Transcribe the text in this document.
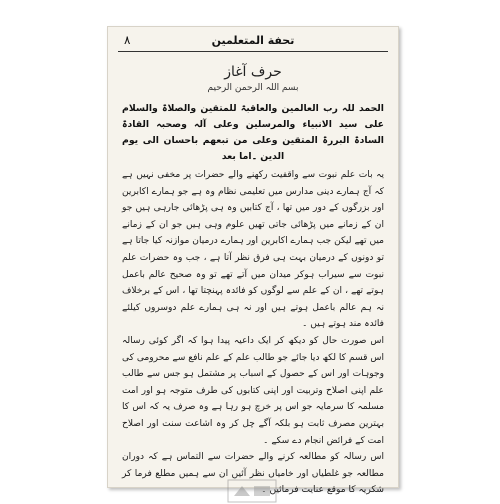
۸	تحفة المتعلمين
حرف آغاز
بسم اللہ الرحمن الرحیم
الحمد للہ رب العالمین والعاقبۃ للمتقین والصلاۃ والسلام علی سید الانبیاء والمرسلین وعلی آلہ وصحبہ القادۃ السادۃ البررۃ المتقین وعلی من تبعھم باحسان الی یوم الدین ۔اما بعد

یہ بات علم نبوت سے واقفیت رکھنے والے حضرات پر مخفی نہیں ہے کہ آج ہمارے دینی مدارس میں تعلیمی نظام وہ ہے جو ہمارے اکابرین اور بزرگوں کے دور میں تھا ، آج کتابیں وہ ہی پڑھائی جارہی ہیں جو ان کے زمانے میں پڑھائی جاتی تھیں علوم وہی ہیں جو ان کے زمانے میں تھے لیکن جب ہمارے اکابرین اور ہمارے درمیان موازنہ کیا جاتا ہے تو دونوں کے درمیان بہت ہی فرق نظر آتا ہے ، جب وہ حضرات علم نبوت سے سیراب ہوکر میدان میں آتے تھے تو وہ صحیح عالم باعمل ہوتے تھے ، ان کے علم سے لوگوں کو فائدہ پہنچتا تھا ، اس کے برخلاف نہ ہم عالم باعمل ہوتے ہیں اور نہ ہی ہمارے علم دوسروں کیلئے فائدہ مند ہوتے ہیں ۔

اس صورت حال کو دیکھ کر ایک داعیہ پیدا ہوا کہ اگر کوئی رسالہ اس قسم کا لکھ دیا جائے جو طالب علم کے علم نافع سے محرومی کی وجوہات اور اس کے حصول کے اسباب پر مشتمل ہو جس سے طالب علم اپنی اصلاح وتربیت اور اپنی کتابوں کی طرف متوجہ ہو اور امت مسلمہ کا سرمایہ جو اس پر خرچ ہو رہا ہے وہ صرف یہ کہ اس کا بہترین مصرف ثابت ہو بلکہ آگے چل کر وہ اشاعت سنت اور اصلاح امت کے فرائض انجام دے سکے ۔

اس رسالہ کو مطالعہ کرنے والے حضرات سے التماس ہے کہ دوران مطالعہ جو غلطیاں اور خامیاں نظر آئیں ان سے ہمیں مطلع فرما کر شکریہ کا موقع عنایت فرمائیں ۔
